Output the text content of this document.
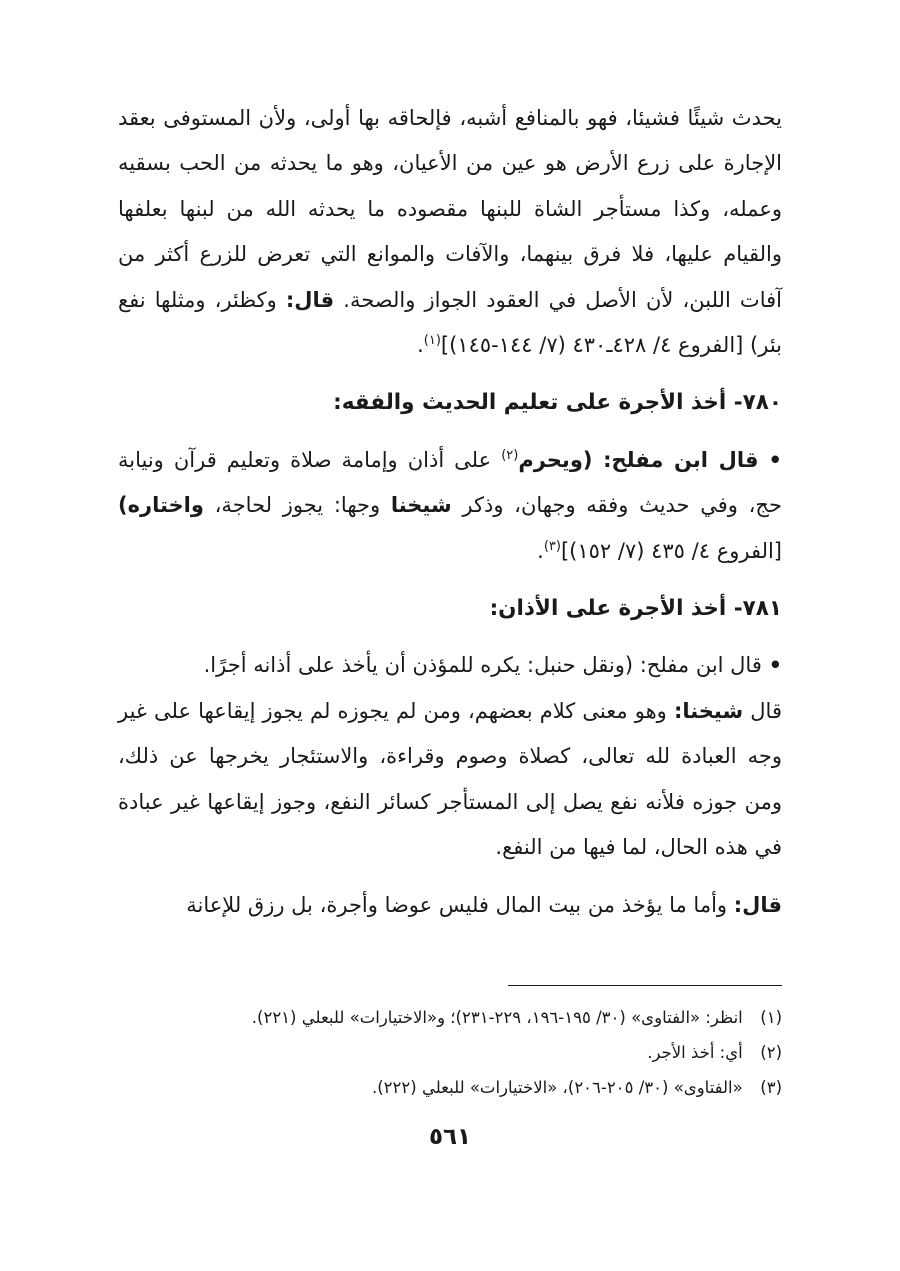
يحدث شيئًا فشيئا، فهو بالمنافع أشبه، فإلحاقه بها أولى، ولأن المستوفى بعقد الإجارة على زرع الأرض هو عين من الأعيان، وهو ما يحدثه من الحب بسقيه وعمله، وكذا مستأجر الشاة للبنها مقصوده ما يحدثه الله من لبنها بعلفها والقيام عليها، فلا فرق بينهما، والآفات والموانع التي تعرض للزرع أكثر من آفات اللبن، لأن الأصل في العقود الجواز والصحة. قال: وكظئر، ومثلها نفع بئر) [الفروع ٤/ ٤٢٨ـ٤٣٠ (٧/ ١٤٤-١٤٥)]$^{(١)}$.

٧٨٠- أخذ الأجرة على تعليم الحديث والفقه:

• قال ابن مفلح: (ويحرم$^{(٢)}$ على أذان وإمامة صلاة وتعليم قرآن ونيابة حج، وفي حديث وفقه وجهان، وذكر شيخنا وجها: يجوز لحاجة، واختاره) [الفروع ٤/ ٤٣٥ (٧/ ١٥٢)]$^{(٣)}$.

٧٨١- أخذ الأجرة على الأذان:

• قال ابن مفلح: (ونقل حنبل: يكره للمؤذن أن يأخذ على أذانه أجرًا.
قال شيخنا: وهو معنى كلام بعضهم، ومن لم يجوزه لم يجوز إيقاعها على غير وجه العبادة لله تعالى، كصلاة وصوم وقراءة، والاستئجار يخرجها عن ذلك، ومن جوزه فلأنه نفع يصل إلى المستأجر كسائر النفع، وجوز إيقاعها غير عبادة في هذه الحال، لما فيها من النفع.

قال: وأما ما يؤخذ من بيت المال فليس عوضا وأجرة، بل رزق للإعانة

(١) انظر: «الفتاوى» (٣٠/ ١٩٥-١٩٦، ٢٢٩-٢٣١)؛ و«الاختيارات» للبعلي (٢٢١).

(٢) أي: أخذ الأجر.

(٣) «الفتاوى» (٣٠/ ٢٠٥-٢٠٦)، «الاختيارات» للبعلي (٢٢٢).

٥٦١
